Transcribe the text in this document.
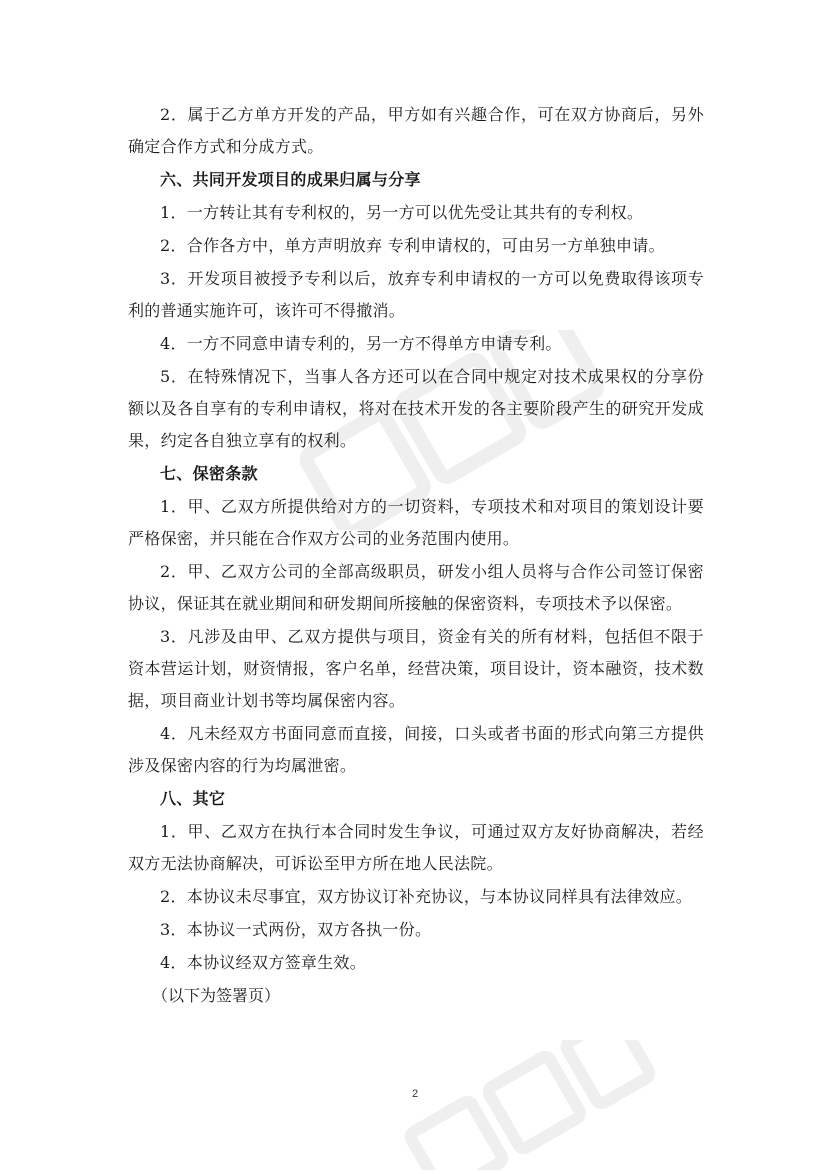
2．属于乙方单方开发的产品，甲方如有兴趣合作，可在双方协商后，另外确定合作方式和分成方式。

六、共同开发项目的成果归属与分享

1．一方转让其有专利权的，另一方可以优先受让其共有的专利权。

2．合作各方中，单方声明放弃 专利申请权的，可由另一方单独申请。

3．开发项目被授予专利以后，放弃专利申请权的一方可以免费取得该项专利的普通实施许可，该许可不得撤消。

4．一方不同意申请专利的，另一方不得单方申请专利。

5．在特殊情况下，当事人各方还可以在合同中规定对技术成果权的分享份额以及各自享有的专利申请权，将对在技术开发的各主要阶段产生的研究开发成果，约定各自独立享有的权利。

七、保密条款

1．甲、乙双方所提供给对方的一切资料，专项技术和对项目的策划设计要严格保密，并只能在合作双方公司的业务范围内使用。

2．甲、乙双方公司的全部高级职员，研发小组人员将与合作公司签订保密协议，保证其在就业期间和研发期间所接触的保密资料，专项技术予以保密。

3．凡涉及由甲、乙双方提供与项目，资金有关的所有材料，包括但不限于资本营运计划，财资情报，客户名单，经营决策，项目设计，资本融资，技术数据，项目商业计划书等均属保密内容。

4．凡未经双方书面同意而直接，间接，口头或者书面的形式向第三方提供涉及保密内容的行为均属泄密。

八、其它

1．甲、乙双方在执行本合同时发生争议，可通过双方友好协商解决，若经双方无法协商解决，可诉讼至甲方所在地人民法院。

2．本协议未尽事宜，双方协议订补充协议，与本协议同样具有法律效应。

3．本协议一式两份，双方各执一份。

4．本协议经双方签章生效。

（以下为签署页）

2
